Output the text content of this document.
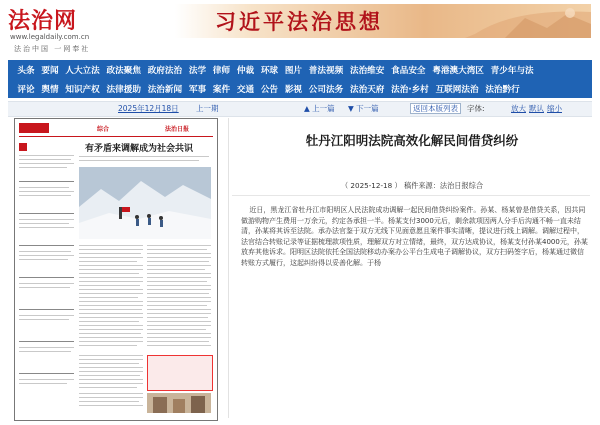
法治网
www.legaldaily.com.cn
法治中国 一网奉社
习近平法治思想
头条 要闻 人大立法 政法聚焦 政府法治 法学 律师 仲裁 环球 图片 普法视频 法治维安 食品安全 粤港澳大湾区 青少年与法
评论 舆情 知识产权 法律援助 法治新闻 军事 案件 交通 公告 影视 公司法务 法治天府 法治·乡村 互联网法治 法治黔行
2025年12月18日 上一期	▲ 上一篇 ▼ 下一篇	返回本版列表	字体:	放大 默认 缩小
综合	法治日报
有矛盾来调解成为社会共识
牡丹江阳明法院高效化解民间借贷纠纷
（ 2025-12-18 ） 稿件来源：法治日报综合
近日，黑龙江省牡丹江市阳明区人民法院成功调解一起民间借贷纠纷案件。孙某、杨某曾是借贷关系，因共同做游购物产生费用一万余元，约定各承担一半。杨某支付3000元后，剩余款项因两人分手后沟通不畅一直未结清，孙某将其诉至法院。承办法官鉴于双方无线下见面意愿且案件事实清晰，提议进行线上调解。调解过程中，法官结合转账记录等证据梳理款项性质，理解双方对立情绪，最终，双方达成协议，杨某支付孙某4000元，孙某放弃其他诉求。阳明区法院依托全国法院移动办案办公平台生成电子调解协议，双方扫码签字后，杨某通过微信转账方式履行，这起纠纷得以妥善化解。于杨
